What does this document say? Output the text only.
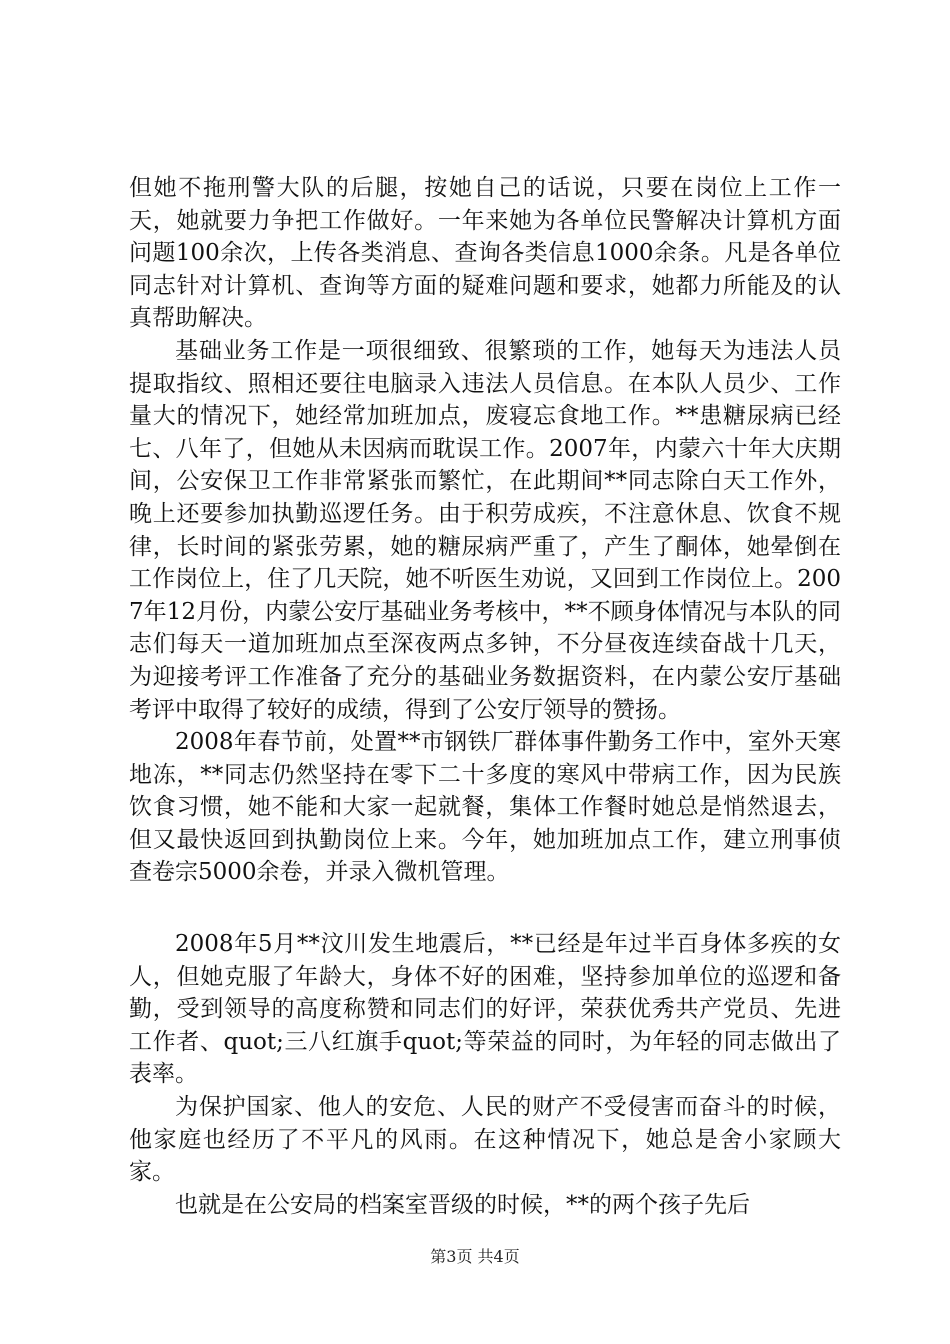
但她不拖刑警大队的后腿，按她自己的话说，只要在岗位上工作一天，她就要力争把工作做好。一年来她为各单位民警解决计算机方面问题100余次，上传各类消息、查询各类信息1000余条。凡是各单位同志针对计算机、查询等方面的疑难问题和要求，她都力所能及的认真帮助解决。

基础业务工作是一项很细致、很繁琐的工作，她每天为违法人员提取指纹、照相还要往电脑录入违法人员信息。在本队人员少、工作量大的情况下，她经常加班加点，废寝忘食地工作。**患糖尿病已经七、八年了，但她从未因病而耽误工作。2007年，内蒙六十年大庆期间，公安保卫工作非常紧张而繁忙，在此期间**同志除白天工作外，晚上还要参加执勤巡逻任务。由于积劳成疾，不注意休息、饮食不规律，长时间的紧张劳累，她的糖尿病严重了，产生了酮体，她晕倒在工作岗位上，住了几天院，她不听医生劝说，又回到工作岗位上。2007年12月份，内蒙公安厅基础业务考核中，**不顾身体情况与本队的同志们每天一道加班加点至深夜两点多钟，不分昼夜连续奋战十几天，为迎接考评工作准备了充分的基础业务数据资料，在内蒙公安厅基础考评中取得了较好的成绩，得到了公安厅领导的赞扬。

2008年春节前，处置**市钢铁厂群体事件勤务工作中，室外天寒地冻，**同志仍然坚持在零下二十多度的寒风中带病工作，因为民族饮食习惯，她不能和大家一起就餐，集体工作餐时她总是悄然退去，但又最快返回到执勤岗位上来。今年，她加班加点工作，建立刑事侦查卷宗5000余卷，并录入微机管理。

2008年5月**汶川发生地震后，**已经是年过半百身体多疾的女人，但她克服了年龄大，身体不好的困难，坚持参加单位的巡逻和备勤，受到领导的高度称赞和同志们的好评，荣获优秀共产党员、先进工作者、quot;三八红旗手quot;等荣益的同时，为年轻的同志做出了表率。

为保护国家、他人的安危、人民的财产不受侵害而奋斗的时候，他家庭也经历了不平凡的风雨。在这种情况下，她总是舍小家顾大家。

也就是在公安局的档案室晋级的时候，**的两个孩子先后

第3页 共4页
